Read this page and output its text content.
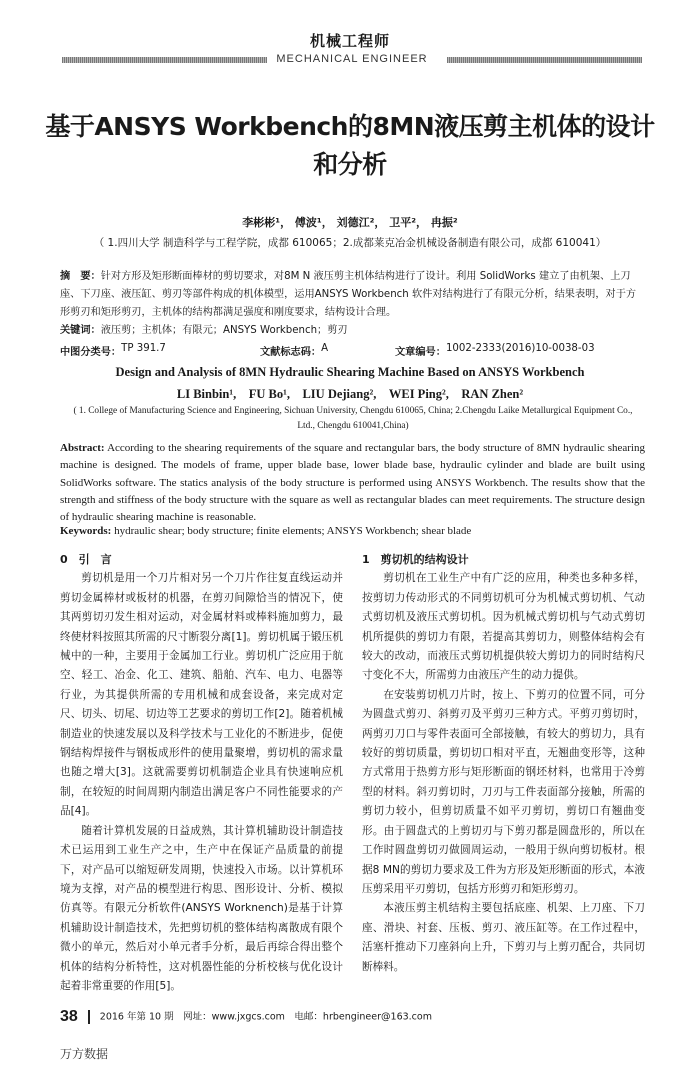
机械工程师
MECHANICAL ENGINEER
基于ANSYS Workbench的8MN液压剪主机体的设计和分析
李彬彬¹， 傅波¹， 刘德江²， 卫平²， 冉振²
（ 1.四川大学 制造科学与工程学院，成都 610065；2.成都莱克冶金机械设备制造有限公司，成都 610041）
摘　要：针对方形及矩形断面棒材的剪切要求，对8M N 液压剪主机体结构进行了设计。利用 SolidWorks 建立了由机架、上刀座、下刀座、液压缸、剪刃等部件构成的机体模型，运用ANSYS Workbench 软件对结构进行了有限元分析，结果表明，对于方形剪刃和矩形剪刃，主机体的结构都满足强度和刚度要求，结构设计合理。
关键词：液压剪；主机体；有限元；ANSYS Workbench；剪刃
中图分类号： TP 391.7	文献标志码： A	文章编号： 1002-2333(2016)10-0038-03
Design and Analysis of 8MN Hydraulic Shearing Machine Based on ANSYS Workbench
LI Binbin¹,　FU Bo¹,　LIU Dejiang²,　WEI Ping²,　RAN Zhen²
( 1. College of Manufacturing Science and Engineering, Sichuan University, Chengdu 610065, China; 2.Chengdu Laike Metallurgical Equipment Co., Ltd., Chengdu 610041,China)
Abstract: According to the shearing requirements of the square and rectangular bars, the body structure of 8MN hydraulic shearing machine is designed. The models of frame, upper blade base, lower blade base, hydraulic cylinder and blade are built using SolidWorks software. The statics analysis of the body structure is performed using ANSYS Workbench. The results show that the strength and stiffness of the body structure with the square as well as rectangular blades can meet requirements. The structure design of hydraulic shearing machine is reasonable.
Keywords: hydraulic shear; body structure; finite elements; ANSYS Workbench; shear blade
0　引　言

剪切机是用一个刀片相对另一个刀片作往复直线运动并剪切金属棒材或板材的机器，在剪刃间隙恰当的情况下，使其两剪切刃发生相对运动，对金属材料或棒料施加剪力，最终使材料按照其所需的尺寸断裂分离[1]。剪切机属于锻压机械中的一种，主要用于金属加工行业。剪切机广泛应用于航空、轻工、冶金、化工、建筑、船舶、汽车、电力、电器等行业，为其提供所需的专用机械和成套设备，来完成对定尺、切头、切尾、切边等工艺要求的剪切工作[2]。随着机械制造业的快速发展以及科学技术与工业化的不断进步，促使钢结构焊接件与钢板成形件的使用量聚增，剪切机的需求量也随之增大[3]。这就需要剪切机制造企业具有快速响应机制，在较短的时间周期内制造出满足客户不同性能要求的产品[4]。

随着计算机发展的日益成熟，其计算机辅助设计制造技术已运用到工业生产之中，生产中在保证产品质量的前提下，对产品可以缩短研发周期，快速投入市场。以计算机环境为支撑，对产品的模型进行构思、图形设计、分析、模拟仿真等。有限元分析软件(ANSYS Worknench)是基于计算机辅助设计制造技术，先把剪切机的整体结构离散成有限个微小的单元，然后对小单元者手分析，最后再综合得出整个机体的结构分析特性，这对机器性能的分析校核与优化设计起着非常重要的作用[5]。

1　剪切机的结构设计

剪切机在工业生产中有广泛的应用，种类也多种多样，按剪切力传动形式的不同剪切机可分为机械式剪切机、气动式剪切机及液压式剪切机。因为机械式剪切机与气动式剪切机所提供的剪切力有限，若提高其剪切力，则整体结构会有较大的改动，而液压式剪切机提供较大剪切力的同时结构尺寸变化不大，所需剪力由液压产生的动力提供。

在安装剪切机刀片时，按上、下剪刃的位置不同，可分为圆盘式剪刃、斜剪刃及平剪刃三种方式。平剪刃剪切时，两剪刃刀口与零件表面可全部接触，有较大的剪切力，具有较好的剪切质量，剪切切口相对平直，无翘曲变形等，这种方式常用于热剪方形与矩形断面的钢坯材料，也常用于冷剪型的材料。斜刃剪切时，刀刃与工件表面部分接触，所需的剪切力较小，但剪切质量不如平刃剪切，剪切口有翘曲变形。由于圆盘式的上剪切刃与下剪刃都是圆盘形的，所以在工作时圆盘剪切刃做圆周运动，一般用于纵向剪切板材。根据8 MN的剪切力要求及工件为方形及矩形断面的形式，本液压剪采用平刃剪切，包括方形剪刃和矩形剪刃。

本液压剪主机结构主要包括底座、机架、上刀座、下刀座、滑块、衬套、压板、剪刃、液压缸等。在工作过程中，活塞杆推动下刀座斜向上升，下剪刃与上剪刃配合，共同切断棒料。

38 2016 年第 10 期　 网址：www.jxgcs.com　 电邮：hrbengineer@163.com
万方数据
